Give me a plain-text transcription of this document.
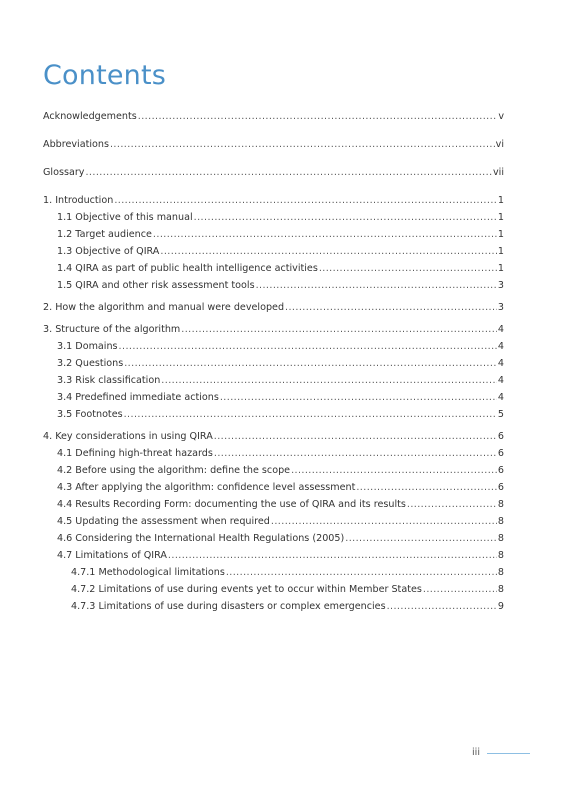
Contents
Acknowledgements .....	v
Abbreviations .....	vi
Glossary .....	vii
1. Introduction .....	1
1.1 Objective of this manual .....	1
1.2 Target audience .....	1
1.3 Objective of QIRA .....	1
1.4 QIRA as part of public health intelligence activities .....	1
1.5 QIRA and other risk assessment tools .....	3
2. How the algorithm and manual were developed .....	3
3. Structure of the algorithm .....	4
3.1 Domains .....	4
3.2 Questions .....	4
3.3 Risk classification .....	4
3.4 Predefined immediate actions .....	4
3.5 Footnotes .....	5
4. Key considerations in using QIRA .....	6
4.1 Defining high-threat hazards .....	6
4.2 Before using the algorithm: define the scope .....	6
4.3 After applying the algorithm: confidence level assessment .....	6
4.4 Results Recording Form: documenting the use of QIRA and its results .....	8
4.5 Updating the assessment when required .....	8
4.6 Considering the International Health Regulations (2005) .....	8
4.7 Limitations of QIRA .....	8
4.7.1 Methodological limitations .....	8
4.7.2 Limitations of use during events yet to occur within Member States .....	8
4.7.3 Limitations of use during disasters or complex emergencies .....	9
iii
